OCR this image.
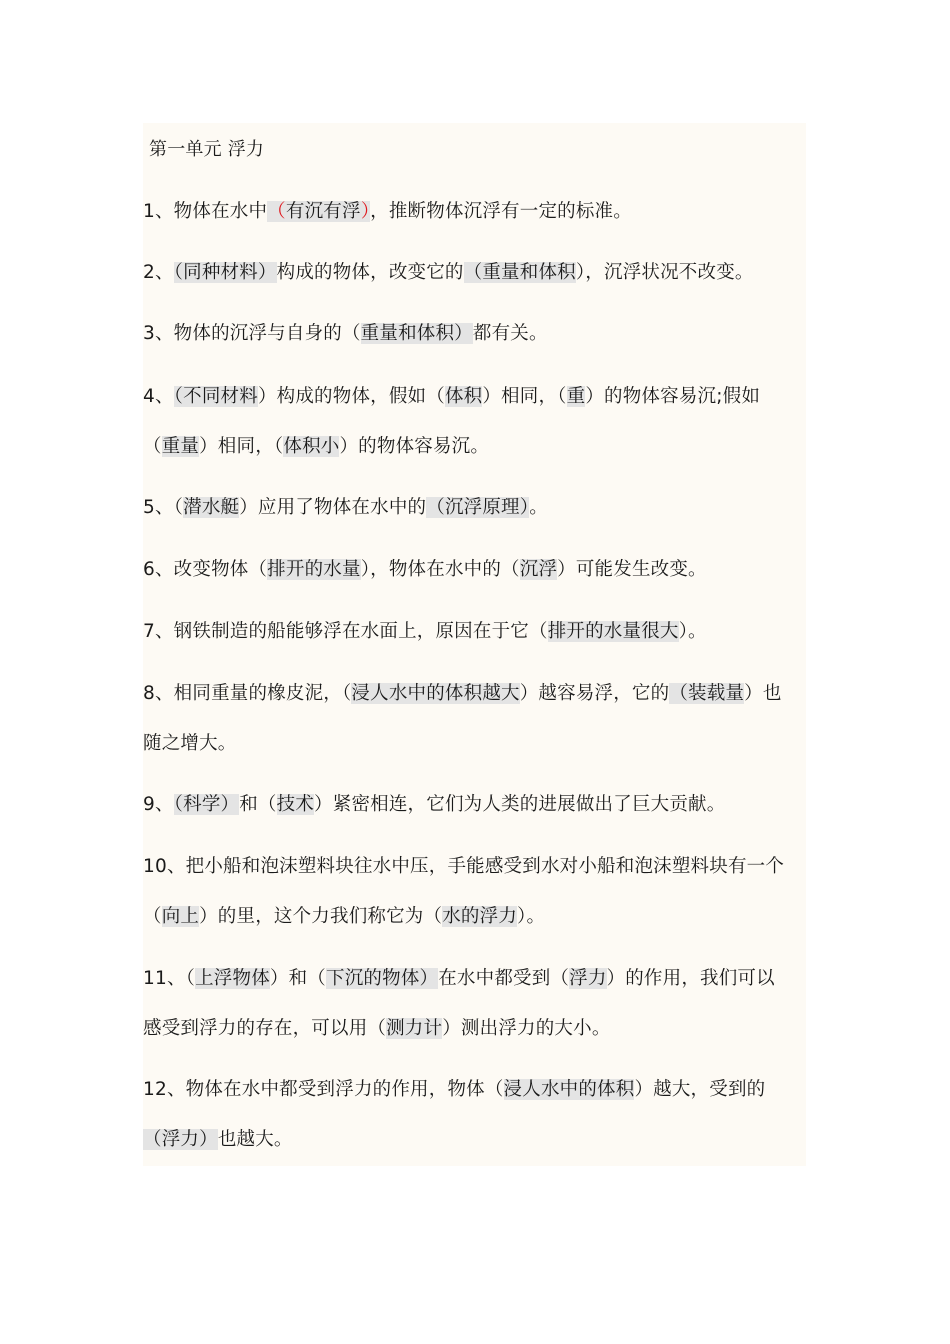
第一单元 浮力
1、物体在水中（有沉有浮），推断物体沉浮有一定的标准。
2、（同种材料）构成的物体，改变它的（重量和体积），沉浮状况不改变。
3、物体的沉浮与自身的（重量和体积）都有关。
4、（不同材料）构成的物体，假如（体积）相同，（重）的物体容易沉;假如
（重量）相同，（体积小）的物体容易沉。
5、（潜水艇）应用了物体在水中的（沉浮原理）。
6、改变物体（排开的水量），物体在水中的（沉浮）可能发生改变。
7、钢铁制造的船能够浮在水面上，原因在于它（排开的水量很大）。
8、相同重量的橡皮泥，（浸人水中的体积越大）越容易浮，它的（装载量）也
随之增大。
9、（科学）和（技术）紧密相连，它们为人类的进展做出了巨大贡献。
10、把小船和泡沫塑料块往水中压，手能感受到水对小船和泡沫塑料块有一个
（向上）的里，这个力我们称它为（水的浮力）。
11、（上浮物体）和（下沉的物体）在水中都受到（浮力）的作用，我们可以
感受到浮力的存在，可以用（测力计）测出浮力的大小。
12、物体在水中都受到浮力的作用，物体（浸人水中的体积）越大，受到的
（浮力）也越大。
